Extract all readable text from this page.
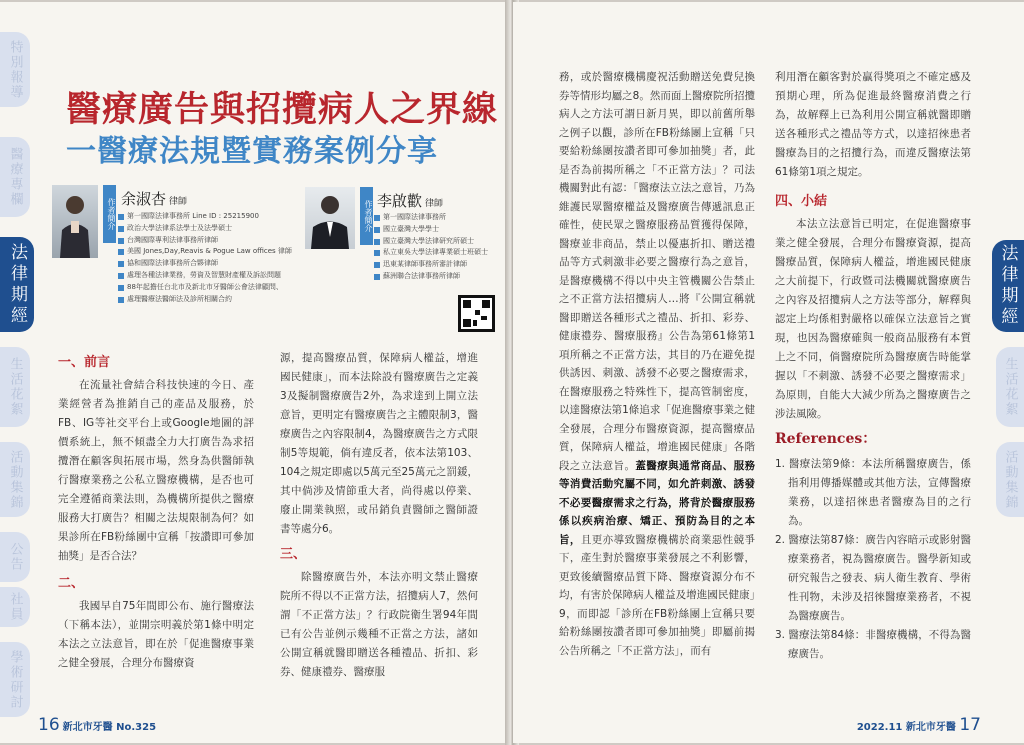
特別報導
醫療專欄
法律期經
生活花絮
活動集錦
公告
社員
學術研討
醫療廣告與招攬病人之界線
一醫療法規暨實務案例分享
作者簡介 余淑杏 律師
第一國際法律事務所 Line ID : 25215900
政治大學法律系法學士及法學碩士
台灣國際專利法律事務所律師
美國 Jones,Day,Reavis & Pogue Law offices 律師
協和國際法律事務所合夥律師
處理各種法律業務，勞資及智慧財產權及訴訟問題
88年起擔任台北市及新北市牙醫師公會法律顧問、
處理醫療法醫師法及診所相關合約
作者簡介 李啟歡 律師
第一國際法律事務所
國立臺灣大學學士
國立臺灣大學法律研究所碩士
私立東吳大學法律專業碩士班碩士
迅東某律師事務所審計律師
蘇洲聯合法律事務所律師
一、前言

在流量社會結合科技快速的今日、產業經營者為推銷自己的產品及服務，於FB、IG等社交平台上或Google地圖的評價系統上，無不傾盡全力大打廣告為求招攬潛在顧客與拓展市場，然身為供醫師執行醫療業務之公私立醫療機構，是否也可完全遵循商業法則，為機構所提供之醫療服務大打廣告？相關之法規限制為何？如果診所在FB粉絲團中宣稱「按讚即可參加抽獎」是否合法？

二、

我國早自75年間即公布、施行醫療法（下稱本法），並開宗明義於第1條中明定本法之立法意旨，即在於「促進醫療事業之健全發展，合理分布醫療資

源，提高醫療品質，保障病人權益，增進國民健康」，而本法除設有醫療廣告之定義3及擬制醫療廣告2外，為求達到上開立法意旨，更明定有醫療廣告之主體限制3，醫療廣告之內容限制4，為醫療廣告之方式限制5等規範，倘有違反者，依本法第103、104之規定即處以5萬元至25萬元之罰鍰，其中倘涉及情節重大者，尚得處以停業、廢止開業執照，或吊銷負責醫師之醫師證書等處分6。

三、

除醫療廣告外，本法亦明文禁止醫療院所不得以不正當方法，招攬病人7，然何謂「不正當方法」？行政院衛生署94年間已有公告並例示幾種不正當之方法，諸如公開宣稱就醫即贈送各種禮品、折扣、彩券、健康禮券、醫療服

16 新北市牙醫 No.325
法律期經
生活花絮
活動集錦

務，或於醫療機構慶祝活動贈送免費兒換券等情形均屬之8。然而面上醫療院所招攬病人之方法可謂日新月異，即以前舊所舉之例子以觀，診所在FB粉絲團上宣稱「只要給粉絲團按讚者即可參加抽獎」者，此是否為前揭所稱之「不正當方法」？司法機關對此有認：「醫療法立法之意旨，乃為維護民眾醫療權益及醫療廣告傳遞訊息正確性，使民眾之醫療服務品質獲得保障，醫療並非商品，禁止以優惠折扣、贈送禮品等方式刺激非必要之醫療行為之意旨，是醫療機構不得以中央主管機關公告禁止之不正當方法招攬病人…將『公開宣稱就醫即贈送各種形式之禮品、折扣、彩券、健康禮券、醫療服務』公告為第61條第1項所稱之不正當方法，其目的乃在避免提供誘因、刺激、誘發不必要之醫療需求，在醫療服務之特殊性下，提高管制密度，以達醫療法第1條追求「促進醫療事業之健全發展，合理分布醫療資源，提高醫療品質，保障病人權益，增進國民健康」各階段之立法意旨。蓋醫療與通常商品、服務等消費活動究屬不同，如允許刺激、誘發不必要醫療需求之行為，將背於醫療服務係以疾病治療、矯正、預防為目的之本旨，且更亦導致醫療機構於商業惡性競爭下，產生對於醫療事業發展之不利影響，更致後續醫療品質下降、醫療資源分布不均，有害於保障病人權益及增進國民健康」9，而即認「診所在FB粉絲團上宣稱只要給粉絲團按讚者即可參加抽獎」即屬前揭公告所稱之「不正當方法」，而有

利用潛在顧客對於贏得獎項之不確定感及預期心理，所為促進最終醫療消費之行為，故解釋上已為利用公開宣稱就醫即贈送各種形式之禮品等方式，以達招徠患者醫療為目的之招攬行為，而違反醫療法第61條第1項之規定。

四、小結

本法立法意旨已明定，在促進醫療事業之健全發展，合理分布醫療資源，提高醫療品質，保障病人權益，增進國民健康之大前提下，行政暨司法機關就醫療廣告之內容及招攬病人之方法等部分，解釋與認定上均係相對嚴格以確保立法意旨之實現，也因為醫療確與一般商品服務有本質上之不同，倘醫療院所為醫療廣告時能掌握以「不刺激、誘發不必要之醫療需求」為原則，自能大大減少所為之醫療廣告之涉法風險。

References：
1. 醫療法第9條：本法所稱醫療廣告，係指利用傳播媒體或其他方法，宣傳醫療業務，以達招徠患者醫療為目的之行為。
2. 醫療法第87條：廣告內容暗示或影射醫療業務者，視為醫療廣告。醫學新知或研究報告之發表、病人衛生教育、學術性刊物，未涉及招徠醫療業務者，不視為醫療廣告。
3. 醫療法第84條：非醫療機構，不得為醫療廣告。
2022.11 新北市牙醫 17
